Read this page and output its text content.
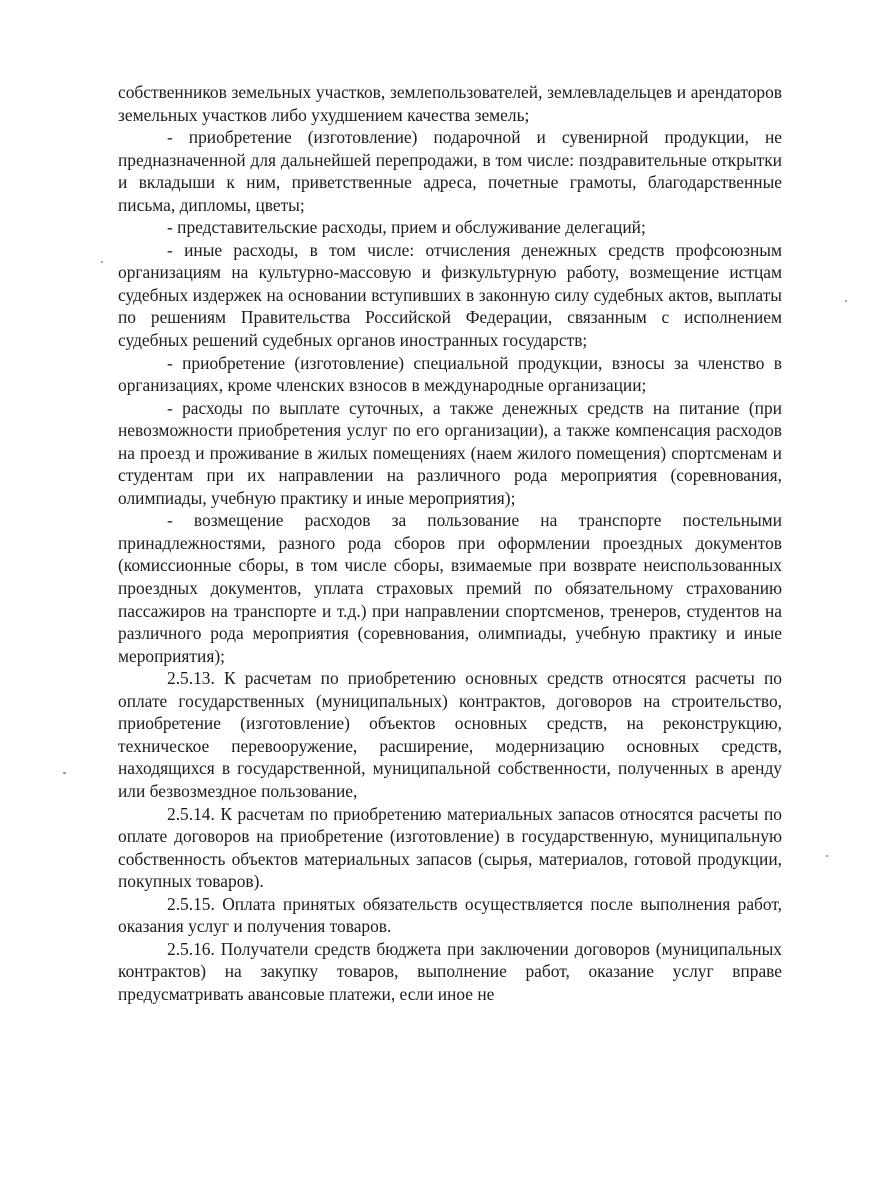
собственников земельных участков, землепользователей, землевладельцев и арендаторов земельных участков либо ухудшением качества земель;

- приобретение (изготовление) подарочной и сувенирной продукции, не предназначенной для дальнейшей перепродажи, в том числе: поздравительные открытки и вкладыши к ним, приветственные адреса, почетные грамоты, благодарственные письма, дипломы, цветы;

- представительские расходы, прием и обслуживание делегаций;

- иные расходы, в том числе: отчисления денежных средств профсоюзным организациям на культурно-массовую и физкультурную работу, возмещение истцам судебных издержек на основании вступивших в законную силу судебных актов, выплаты по решениям Правительства Российской Федерации, связанным с исполнением судебных решений судебных органов иностранных государств;

- приобретение (изготовление) специальной продукции, взносы за членство в организациях, кроме членских взносов в международные организации;

- расходы по выплате суточных, а также денежных средств на питание (при невозможности приобретения услуг по его организации), а также компенсация расходов на проезд и проживание в жилых помещениях (наем жилого помещения) спортсменам и студентам при их направлении на различного рода мероприятия (соревнования, олимпиады, учебную практику и иные мероприятия);

- возмещение расходов за пользование на транспорте постельными принадлежностями, разного рода сборов при оформлении проездных документов (комиссионные сборы, в том числе сборы, взимаемые при возврате неиспользованных проездных документов, уплата страховых премий по обязательному страхованию пассажиров на транспорте и т.д.) при направлении спортсменов, тренеров, студентов на различного рода мероприятия (соревнования, олимпиады, учебную практику и иные мероприятия);

2.5.13. К расчетам по приобретению основных средств относятся расчеты по оплате государственных (муниципальных) контрактов, договоров на строительство, приобретение (изготовление) объектов основных средств, на реконструкцию, техническое перевооружение, расширение, модернизацию основных средств, находящихся в государственной, муниципальной собственности, полученных в аренду или безвозмездное пользование,

2.5.14. К расчетам по приобретению материальных запасов относятся расчеты по оплате договоров на приобретение (изготовление) в государственную, муниципальную собственность объектов материальных запасов (сырья, материалов, готовой продукции, покупных товаров).

2.5.15. Оплата принятых обязательств осуществляется после выполнения работ, оказания услуг и получения товаров.

2.5.16. Получатели средств бюджета при заключении договоров (муниципальных контрактов) на закупку товаров, выполнение работ, оказание услуг вправе предусматривать авансовые платежи, если иное не
